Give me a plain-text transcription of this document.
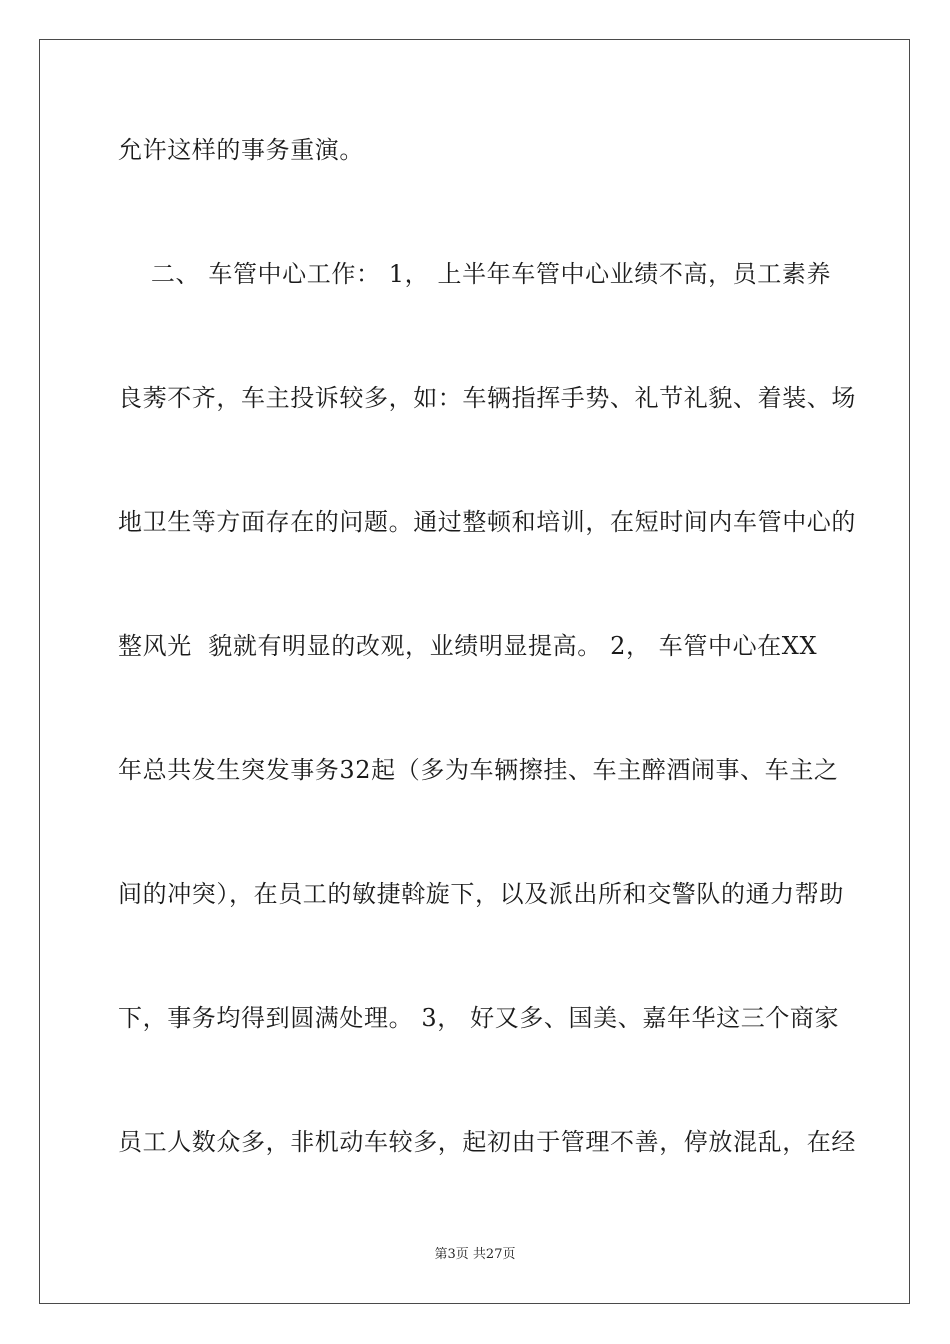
允许这样的事务重演。
二、 车管中心工作： 1， 上半年车管中心业绩不高，员工素养
良莠不齐，车主投诉较多，如：车辆指挥手势、礼节礼貌、着装、场
地卫生等方面存在的问题。通过整顿和培训，在短时间内车管中心的
整风光  貌就有明显的改观，业绩明显提高。 2， 车管中心在XX
年总共发生突发事务32起（多为车辆擦挂、车主醉酒闹事、车主之
间的冲突），在员工的敏捷斡旋下，以及派出所和交警队的通力帮助
下，事务均得到圆满处理。 3， 好又多、国美、嘉年华这三个商家
员工人数众多，非机动车较多，起初由于管理不善，停放混乱，在经
第3页 共27页
